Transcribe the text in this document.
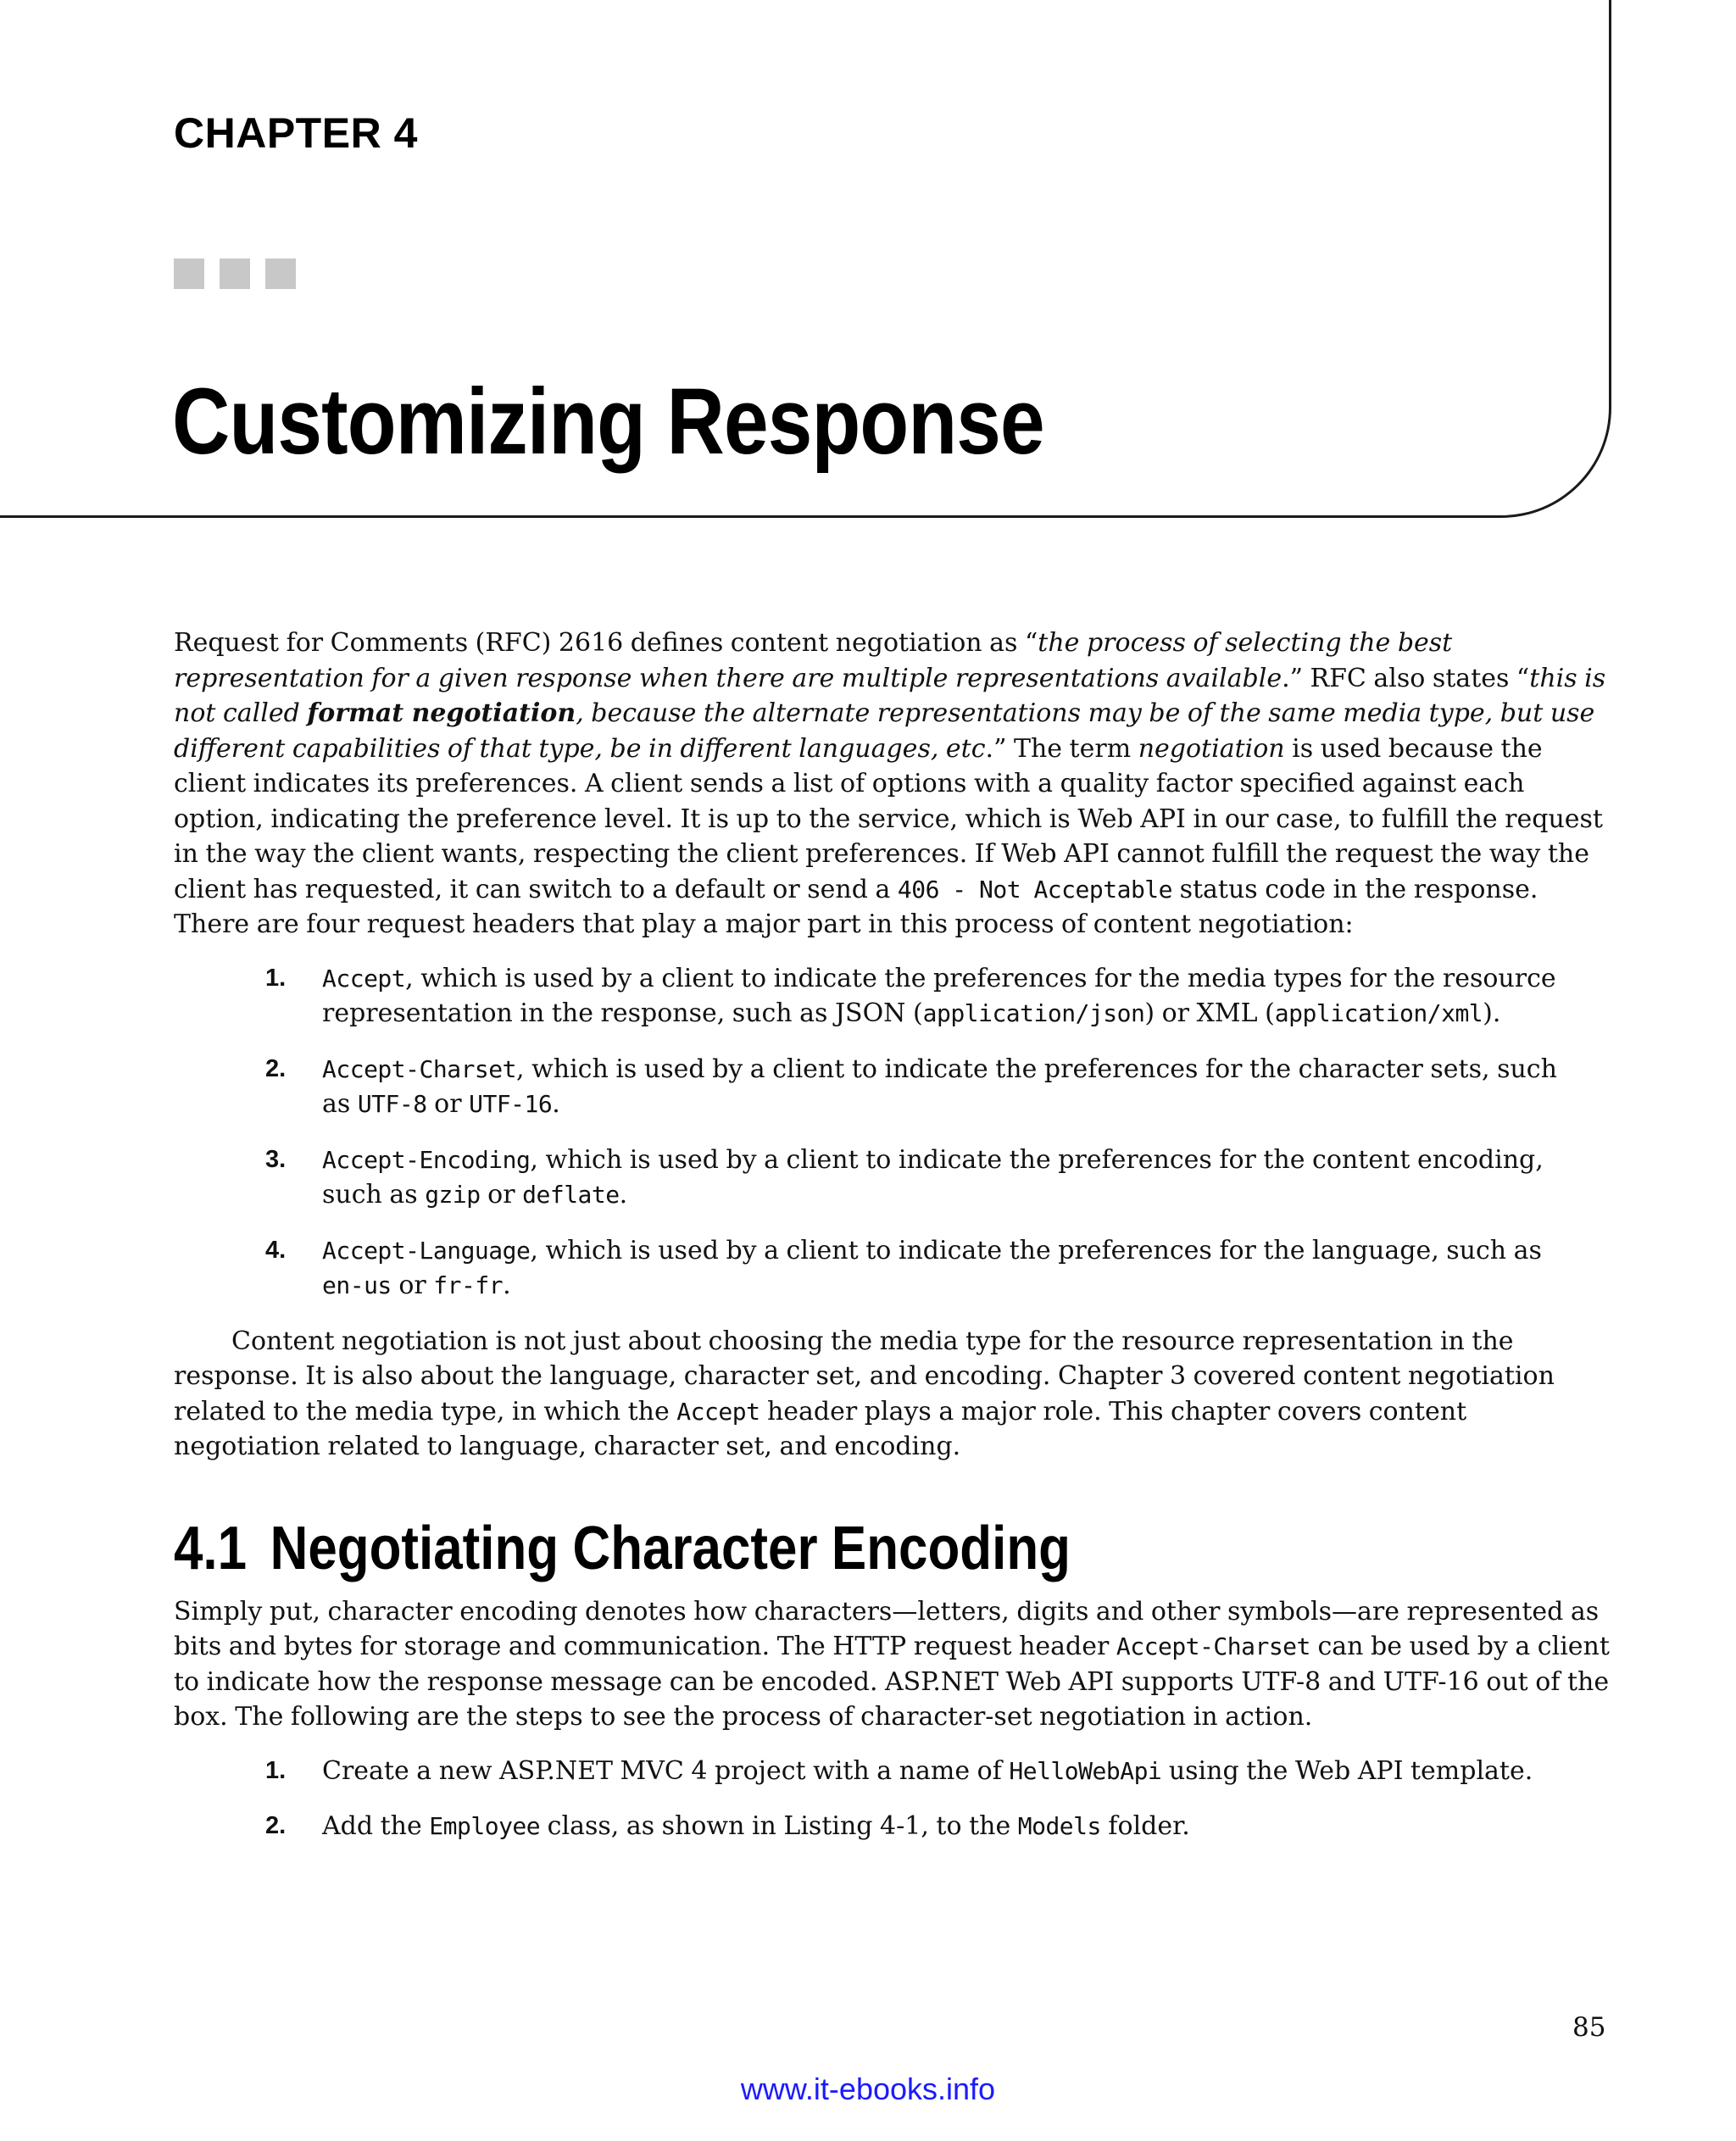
CHAPTER 4
Customizing Response

Request for Comments (RFC) 2616 defines content negotiation as “the process of selecting the best representation for a given response when there are multiple representations available.” RFC also states “this is not called format negotiation, because the alternate representations may be of the same media type, but use different capabilities of that type, be in different languages, etc.” The term negotiation is used because the client indicates its preferences. A client sends a list of options with a quality factor specified against each option, indicating the preference level. It is up to the service, which is Web API in our case, to fulfill the request in the way the client wants, respecting the client preferences. If Web API cannot fulfill the request the way the client has requested, it can switch to a default or send a 406 - Not Acceptable status code in the response. There are four request headers that play a major part in this process of content negotiation:

1. Accept, which is used by a client to indicate the preferences for the media types for the resource representation in the response, such as JSON (application/json) or XML (application/xml).
2. Accept-Charset, which is used by a client to indicate the preferences for the character sets, such as UTF-8 or UTF-16.
3. Accept-Encoding, which is used by a client to indicate the preferences for the content encoding, such as gzip or deflate.
4. Accept-Language, which is used by a client to indicate the preferences for the language, such as en-us or fr-fr.

Content negotiation is not just about choosing the media type for the resource representation in the response. It is also about the language, character set, and encoding. Chapter 3 covered content negotiation related to the media type, in which the Accept header plays a major role. This chapter covers content negotiation related to language, character set, and encoding.

4.1 Negotiating Character Encoding

Simply put, character encoding denotes how characters—letters, digits and other symbols—are represented as bits and bytes for storage and communication. The HTTP request header Accept-Charset can be used by a client to indicate how the response message can be encoded. ASP.NET Web API supports UTF-8 and UTF-16 out of the box. The following are the steps to see the process of character-set negotiation in action.

1. Create a new ASP.NET MVC 4 project with a name of HelloWebApi using the Web API template.
2. Add the Employee class, as shown in Listing 4-1, to the Models folder.
85
www.it-ebooks.info
